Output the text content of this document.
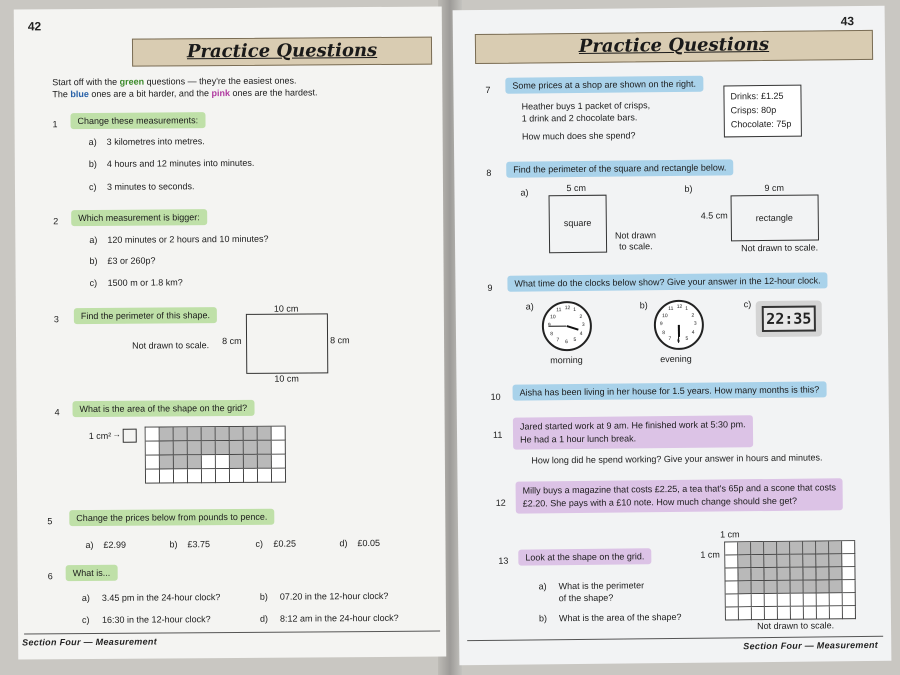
42
Practice Questions
Start off with the green questions — they're the easiest ones.
The blue ones are a bit harder, and the pink ones are the hardest.
1	Change these measurements:
a) 3 kilometres into metres.
b) 4 hours and 12 minutes into minutes.
c) 3 minutes to seconds.
2	Which measurement is bigger:
a) 120 minutes or 2 hours and 10 minutes?
b) £3 or 260p?
c) 1500 m or 1.8 km?
3	Find the perimeter of this shape.
Not drawn to scale.
10 cm
8 cm	8 cm
10 cm
4	What is the area of the shape on the grid?
1 cm² →
5	Change the prices below from pounds to pence.
a) £2.99	b) £3.75	c) £0.25	d) £0.05
6	What is...
a) 3.45 pm in the 24-hour clock?	b) 07.20 in the 12-hour clock?
c) 16:30 in the 12-hour clock?	d) 8:12 am in the 24-hour clock?
Section Four — Measurement
43
Practice Questions
7	Some prices at a shop are shown on the right.
Heather buys 1 packet of crisps,
1 drink and 2 chocolate bars.
How much does she spend?
Drinks: £1.25
Crisps: 80p
Chocolate: 75p
8	Find the perimeter of the square and rectangle below.
a)	5 cm
square
Not drawn
to scale.
b)	9 cm
rectangle
4.5 cm
Not drawn to scale.
9	What time do the clocks below show? Give your answer in the 12-hour clock.
a)	1
2
3
4
5
6
7
8
9
10
11 12
morning
b)	1
2
3
4
5
6
7
8
9
10
11 12
evening
c)
22:35
10	Aisha has been living in her house for 1.5 years. How many months is this?
11
Jared started work at 9 am. He finished work at 5:30 pm.
He had a 1 hour lunch break.
How long did he spend working? Give your answer in hours and minutes.
12
Milly buys a magazine that costs £2.25, a tea that's 65p and a scone that costs
£2.20. She pays with a £10 note. How much change should she get?
13	Look at the shape on the grid.
a) What is the perimeter
of the shape?
b) What is the area of the shape?
1 cm
1 cm
Not drawn to scale.
Section Four — Measurement
